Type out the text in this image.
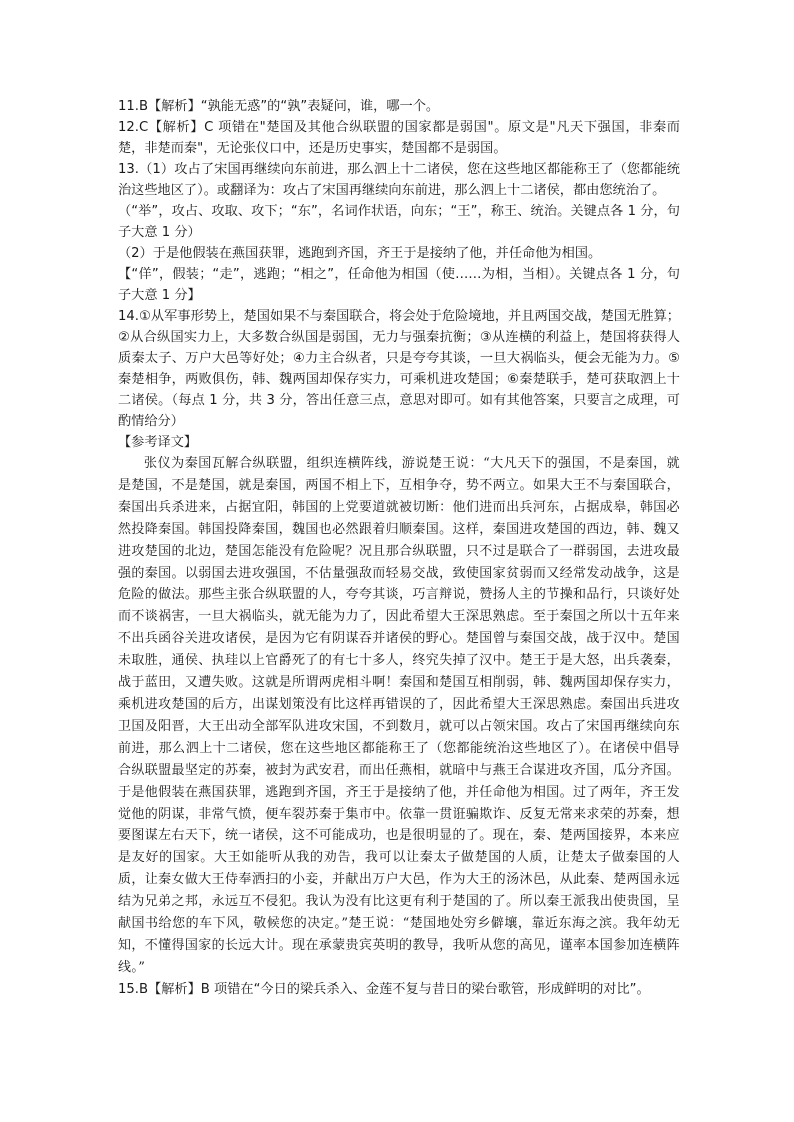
11.B【解析】“孰能无惑”的“孰”表疑问，谁，哪一个。

12.C【解析】C 项错在"楚国及其他合纵联盟的国家都是弱国"。原文是"凡天下强国，非秦而楚，非楚而秦"，无论张仪口中，还是历史事实，楚国都不是弱国。

13.（1）攻占了宋国再继续向东前进，那么泗上十二诸侯，您在这些地区都能称王了（您都能统治这些地区了）。或翻译为：攻占了宋国再继续向东前进，那么泗上十二诸侯，都由您统治了。

（“举”，攻占、攻取、攻下；“东”，名词作状语，向东；“王”，称王、统治。关键点各 1 分，句子大意 1 分）

（2）于是他假装在燕国获罪，逃跑到齐国，齐王于是接纳了他，并任命他为相国。

【“佯”，假装；“走”，逃跑；“相之”，任命他为相国（使……为相，当相）。关键点各 1 分，句子大意 1 分】

14.①从军事形势上，楚国如果不与秦国联合，将会处于危险境地，并且两国交战，楚国无胜算；②从合纵国实力上，大多数合纵国是弱国，无力与强秦抗衡；③从连横的利益上，楚国将获得人质秦太子、万户大邑等好处；④力主合纵者，只是夸夸其谈，一旦大祸临头，便会无能为力。⑤秦楚相争，两败俱伤，韩、魏两国却保存实力，可乘机进攻楚国；⑥秦楚联手，楚可获取泗上十二诸侯。（每点 1 分，共 3 分，答出任意三点，意思对即可。如有其他答案，只要言之成理，可酌情给分）

【参考译文】

张仪为秦国瓦解合纵联盟，组织连横阵线，游说楚王说：“大凡天下的强国，不是秦国，就是楚国，不是楚国，就是秦国，两国不相上下，互相争夺，势不两立。如果大王不与秦国联合，秦国出兵杀进来，占据宜阳，韩国的上党要道就被切断：他们进而出兵河东，占据成皋，韩国必然投降秦国。韩国投降秦国，魏国也必然跟着归顺秦国。这样，秦国进攻楚国的西边，韩、魏又进攻楚国的北边，楚国怎能没有危险呢？况且那合纵联盟，只不过是联合了一群弱国，去进攻最强的秦国。以弱国去进攻强国，不估量强敌而轻易交战，致使国家贫弱而又经常发动战争，这是危险的做法。那些主张合纵联盟的人，夸夸其谈，巧言辩说，赞扬人主的节操和品行，只谈好处而不谈祸害，一旦大祸临头，就无能为力了，因此希望大王深思熟虑。至于秦国之所以十五年来不出兵函谷关进攻诸侯，是因为它有阴谋吞并诸侯的野心。楚国曾与秦国交战，战于汉中。楚国未取胜，通侯、执珪以上官爵死了的有七十多人，终究失掉了汉中。楚王于是大怒，出兵袭秦，战于蓝田，又遭失败。这就是所谓两虎相斗啊！秦国和楚国互相削弱，韩、魏两国却保存实力，乘机进攻楚国的后方，出谋划策没有比这样再错误的了，因此希望大王深思熟虑。秦国出兵进攻卫国及阳晋，大王出动全部军队进攻宋国，不到数月，就可以占领宋国。攻占了宋国再继续向东前进，那么泗上十二诸侯，您在这些地区都能称王了（您都能统治这些地区了）。在诸侯中倡导合纵联盟最坚定的苏秦，被封为武安君，而出任燕相，就暗中与燕王合谋进攻齐国，瓜分齐国。于是他假装在燕国获罪，逃跑到齐国，齐王于是接纳了他，并任命他为相国。过了两年，齐王发觉他的阴谋，非常气愤，便车裂苏秦于集市中。依靠一贯诳骗欺诈、反复无常来求荣的苏秦，想要图谋左右天下，统一诸侯，这不可能成功，也是很明显的了。现在，秦、楚两国接界，本来应是友好的国家。大王如能听从我的劝告，我可以让秦太子做楚国的人质，让楚太子做秦国的人质，让秦女做大王侍奉洒扫的小妾，并献出万户大邑，作为大王的汤沐邑，从此秦、楚两国永远结为兄弟之邦，永远互不侵犯。我认为没有比这更有利于楚国的了。所以秦王派我出使贵国，呈献国书给您的车下风，敬候您的决定。”楚王说：“楚国地处穷乡僻壤，靠近东海之滨。我年幼无知，不懂得国家的长远大计。现在承蒙贵宾英明的教导，我听从您的高见，谨率本国参加连横阵线。”

15.B【解析】B 项错在“今日的梁兵杀入、金莲不复与昔日的梁台歌管，形成鲜明的对比”。
